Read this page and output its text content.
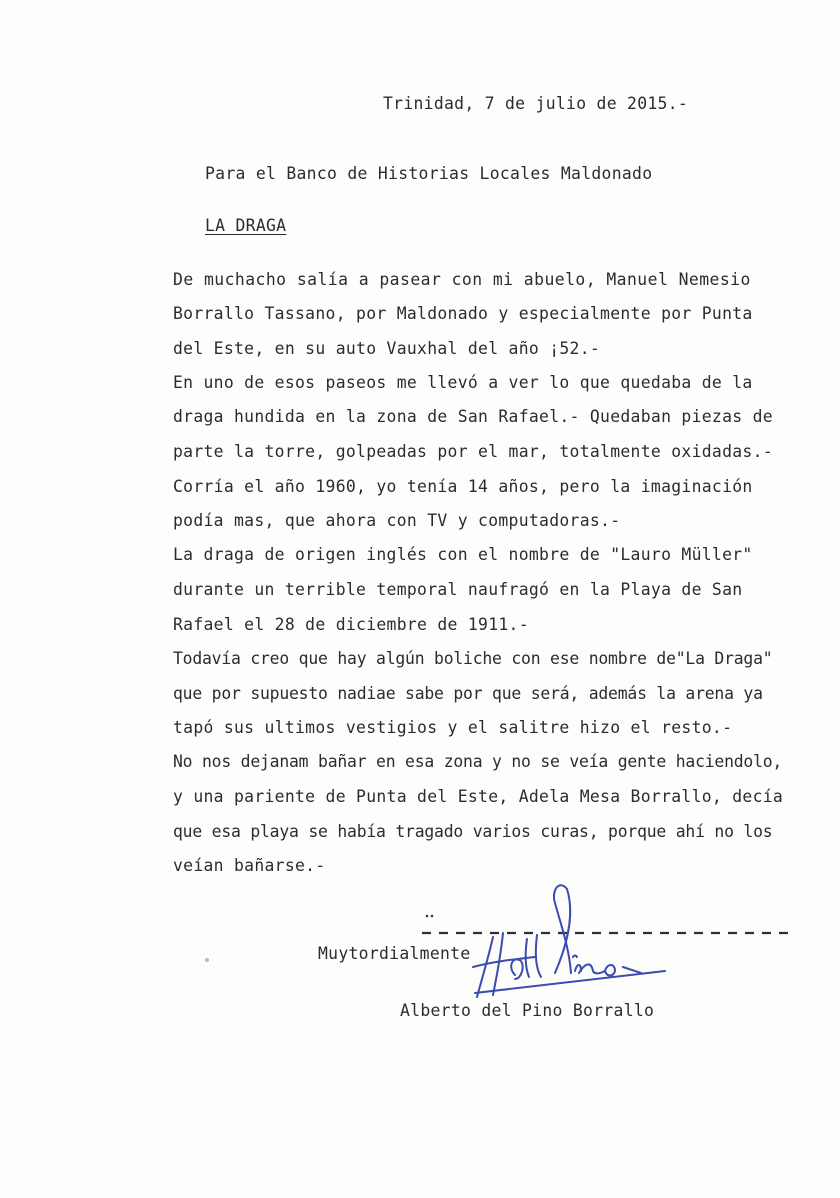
Trinidad, 7 de julio de 2015.-
Para el Banco de Historias Locales Maldonado
LA DRAGA
De muchacho salía a pasear con mi abuelo, Manuel Nemesio
Borrallo Tassano, por Maldonado y especialmente por Punta
del Este, en su auto Vauxhal del año ¡52.-
En uno de esos paseos me llevó a ver lo que quedaba de la
draga hundida en la zona de San Rafael.- Quedaban piezas de
parte la torre, golpeadas por el mar, totalmente oxidadas.-
Corría el año 1960, yo tenía 14 años, pero la imaginación
podía mas, que ahora con TV y computadoras.-
La draga de origen inglés con el nombre de "Lauro Müller"
durante un terrible temporal naufragó en la Playa de San
Rafael el 28 de diciembre de 1911.-
Todavía creo que hay algún boliche con ese nombre de"La Draga"
que por supuesto nadiae sabe por que será, además la arena ya
tapó sus ultimos vestigios y el salitre hizo el resto.-
No nos dejanam bañar en esa zona y no se veía gente haciendolo,
y una pariente de Punta del Este, Adela Mesa Borrallo, decía
que esa playa se había tragado varios curas, porque ahí no los
veían bañarse.-
Muytordialmente
Alberto del Pino Borrallo
